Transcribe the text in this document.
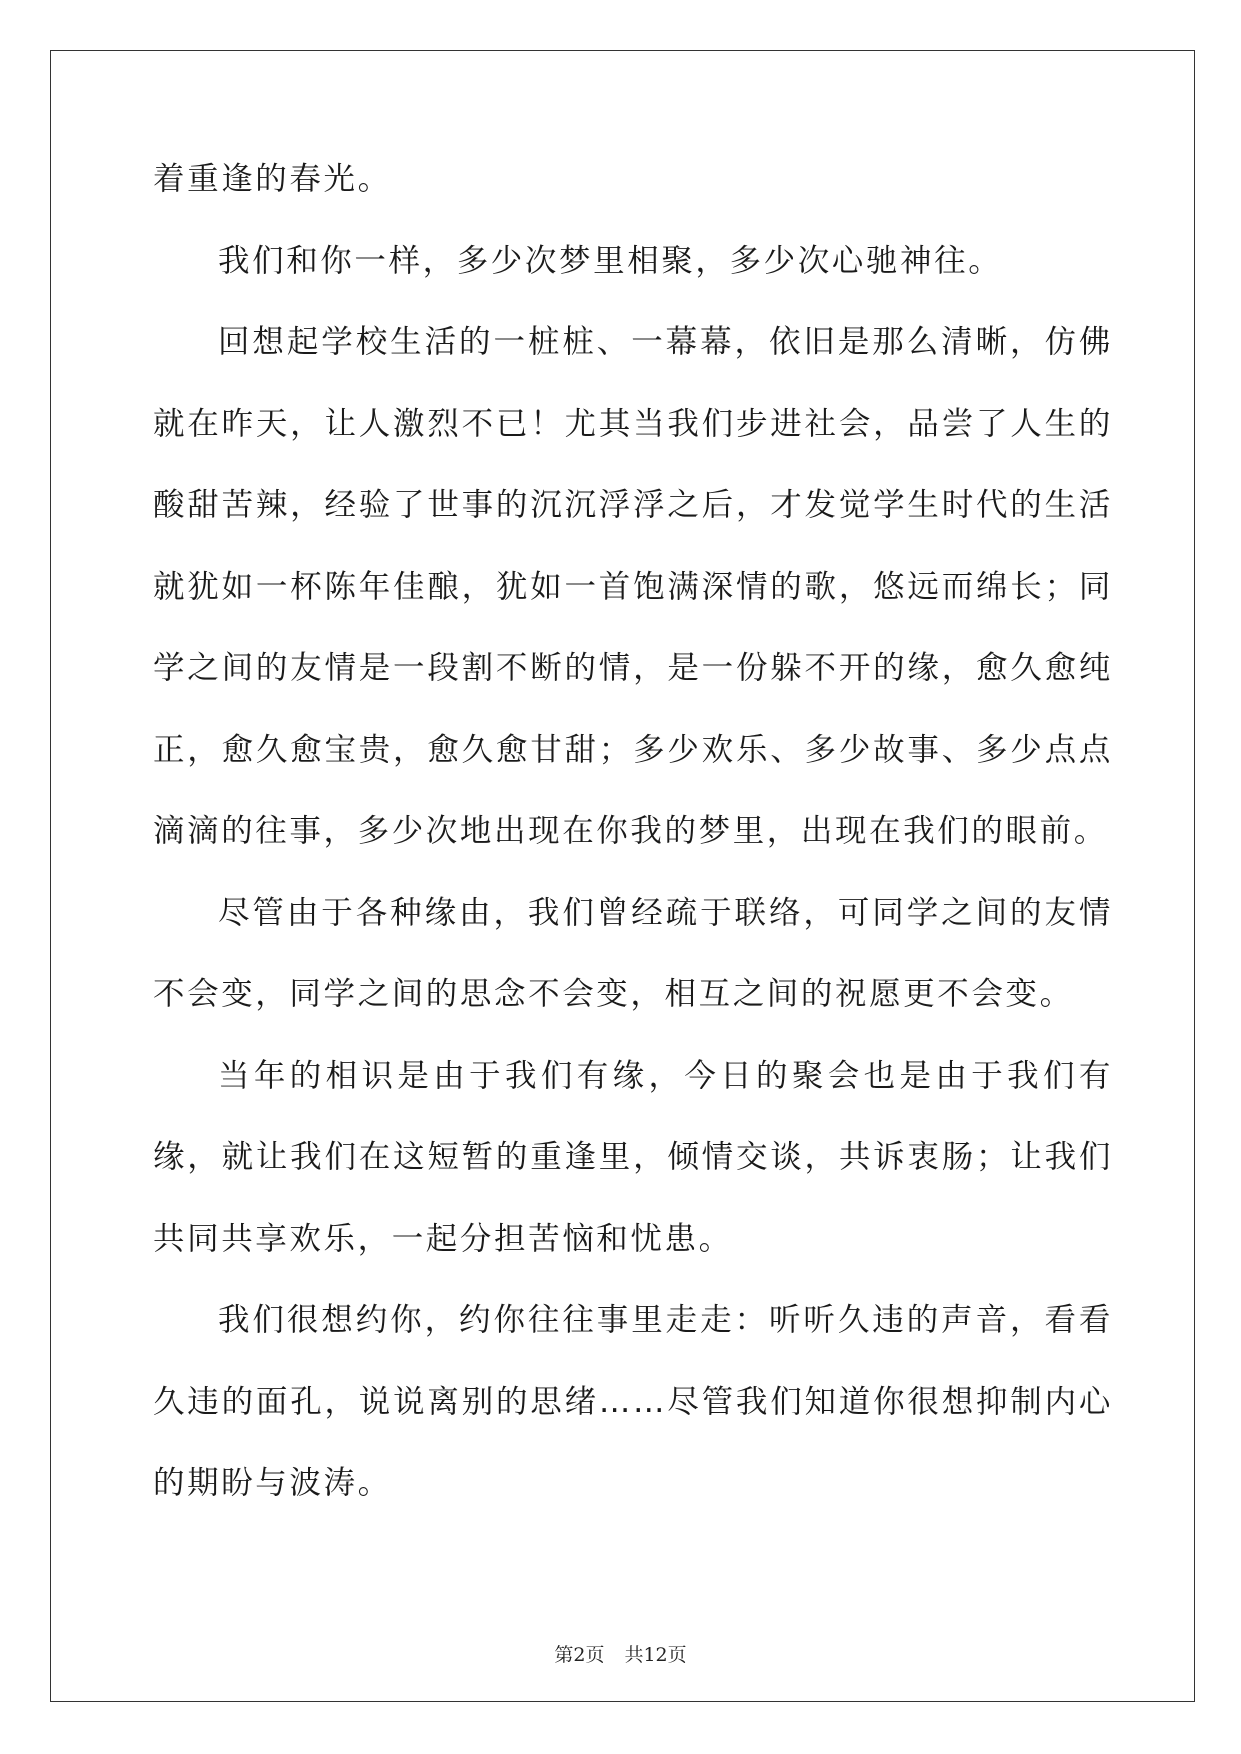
着重逢的春光。

我们和你一样，多少次梦里相聚，多少次心驰神往。

回想起学校生活的一桩桩、一幕幕，依旧是那么清晰，仿佛就在昨天，让人激烈不已！尤其当我们步进社会，品尝了人生的酸甜苦辣，经验了世事的沉沉浮浮之后，才发觉学生时代的生活就犹如一杯陈年佳酿，犹如一首饱满深情的歌，悠远而绵长；同学之间的友情是一段割不断的情，是一份躲不开的缘，愈久愈纯正，愈久愈宝贵，愈久愈甘甜；多少欢乐、多少故事、多少点点滴滴的往事，多少次地出现在你我的梦里，出现在我们的眼前。

尽管由于各种缘由，我们曾经疏于联络，可同学之间的友情不会变，同学之间的思念不会变，相互之间的祝愿更不会变。

当年的相识是由于我们有缘，今日的聚会也是由于我们有缘，就让我们在这短暂的重逢里，倾情交谈，共诉衷肠；让我们共同共享欢乐，一起分担苦恼和忧患。

我们很想约你，约你往往事里走走：听听久违的声音，看看久违的面孔，说说离别的思绪……尽管我们知道你很想抑制内心的期盼与波涛。

第2页 共12页
